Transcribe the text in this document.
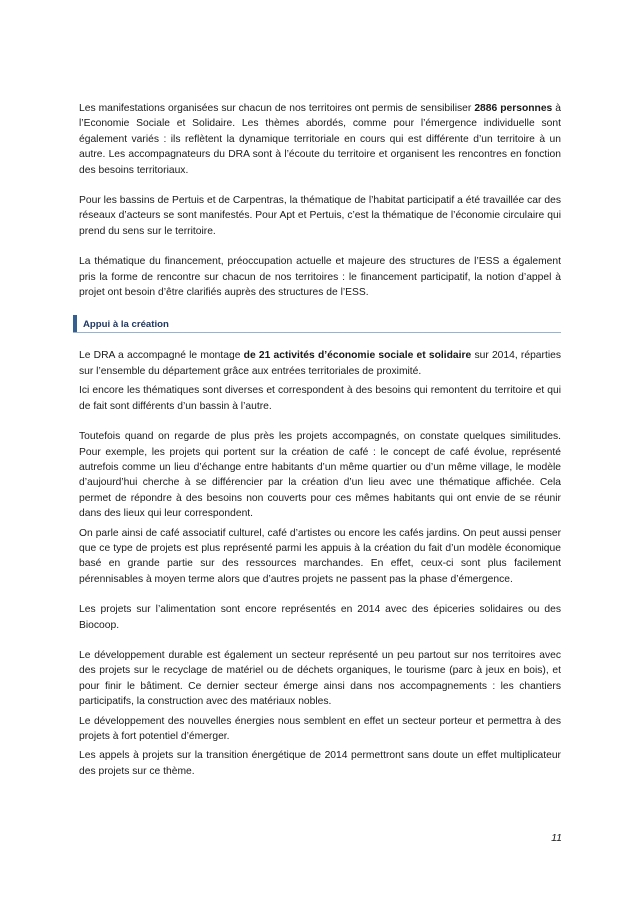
Les manifestations organisées sur chacun de nos territoires ont permis de sensibiliser 2886 personnes à l’Economie Sociale et Solidaire. Les thèmes abordés, comme pour l’émergence individuelle sont également variés : ils reflètent la dynamique territoriale en cours qui est différente d’un territoire à un autre. Les accompagnateurs du DRA sont à l’écoute du territoire et organisent les rencontres en fonction des besoins territoriaux.

Pour les bassins de Pertuis et de Carpentras, la thématique de l’habitat participatif a été travaillée car des réseaux d’acteurs se sont manifestés. Pour Apt et Pertuis, c’est la thématique de l’économie circulaire qui prend du sens sur le territoire.

La thématique du financement, préoccupation actuelle et majeure des structures de l’ESS a également pris la forme de rencontre sur chacun de nos territoires : le financement participatif, la notion d’appel à projet ont besoin d’être clarifiés auprès des structures de l’ESS.

Appui à la création

Le DRA a accompagné le montage de 21 activités d’économie sociale et solidaire sur 2014, réparties sur l’ensemble du département grâce aux entrées territoriales de proximité.

Ici encore les thématiques sont diverses et correspondent à des besoins qui remontent du territoire et qui de fait sont différents d’un bassin à l’autre.

Toutefois quand on regarde de plus près les projets accompagnés, on constate quelques similitudes. Pour exemple, les projets qui portent sur la création de café : le concept de café évolue, représenté autrefois comme un lieu d’échange entre habitants d’un même quartier ou d’un même village, le modèle d’aujourd’hui cherche à se différencier par la création d’un lieu avec une thématique affichée. Cela permet de répondre à des besoins non couverts pour ces mêmes habitants qui ont envie de se réunir dans des lieux qui leur correspondent.

On parle ainsi de café associatif culturel, café d’artistes ou encore les cafés jardins. On peut aussi penser que ce type de projets est plus représenté parmi les appuis à la création du fait d’un modèle économique basé en grande partie sur des ressources marchandes. En effet, ceux-ci sont plus facilement pérennisables à moyen terme alors que d’autres projets ne passent pas la phase d’émergence.

Les projets sur l’alimentation sont encore représentés en 2014 avec des épiceries solidaires ou des Biocoop.

Le développement durable est également un secteur représenté un peu partout sur nos territoires avec des projets sur le recyclage de matériel ou de déchets organiques, le tourisme (parc à jeux en bois), et pour finir le bâtiment. Ce dernier secteur émerge ainsi dans nos accompagnements : les chantiers participatifs, la construction avec des matériaux nobles.

Le développement des nouvelles énergies nous semblent en effet un secteur porteur et permettra à des projets à fort potentiel d’émerger.

Les appels à projets sur la transition énergétique de 2014 permettront sans doute un effet multiplicateur des projets sur ce thème.

11
